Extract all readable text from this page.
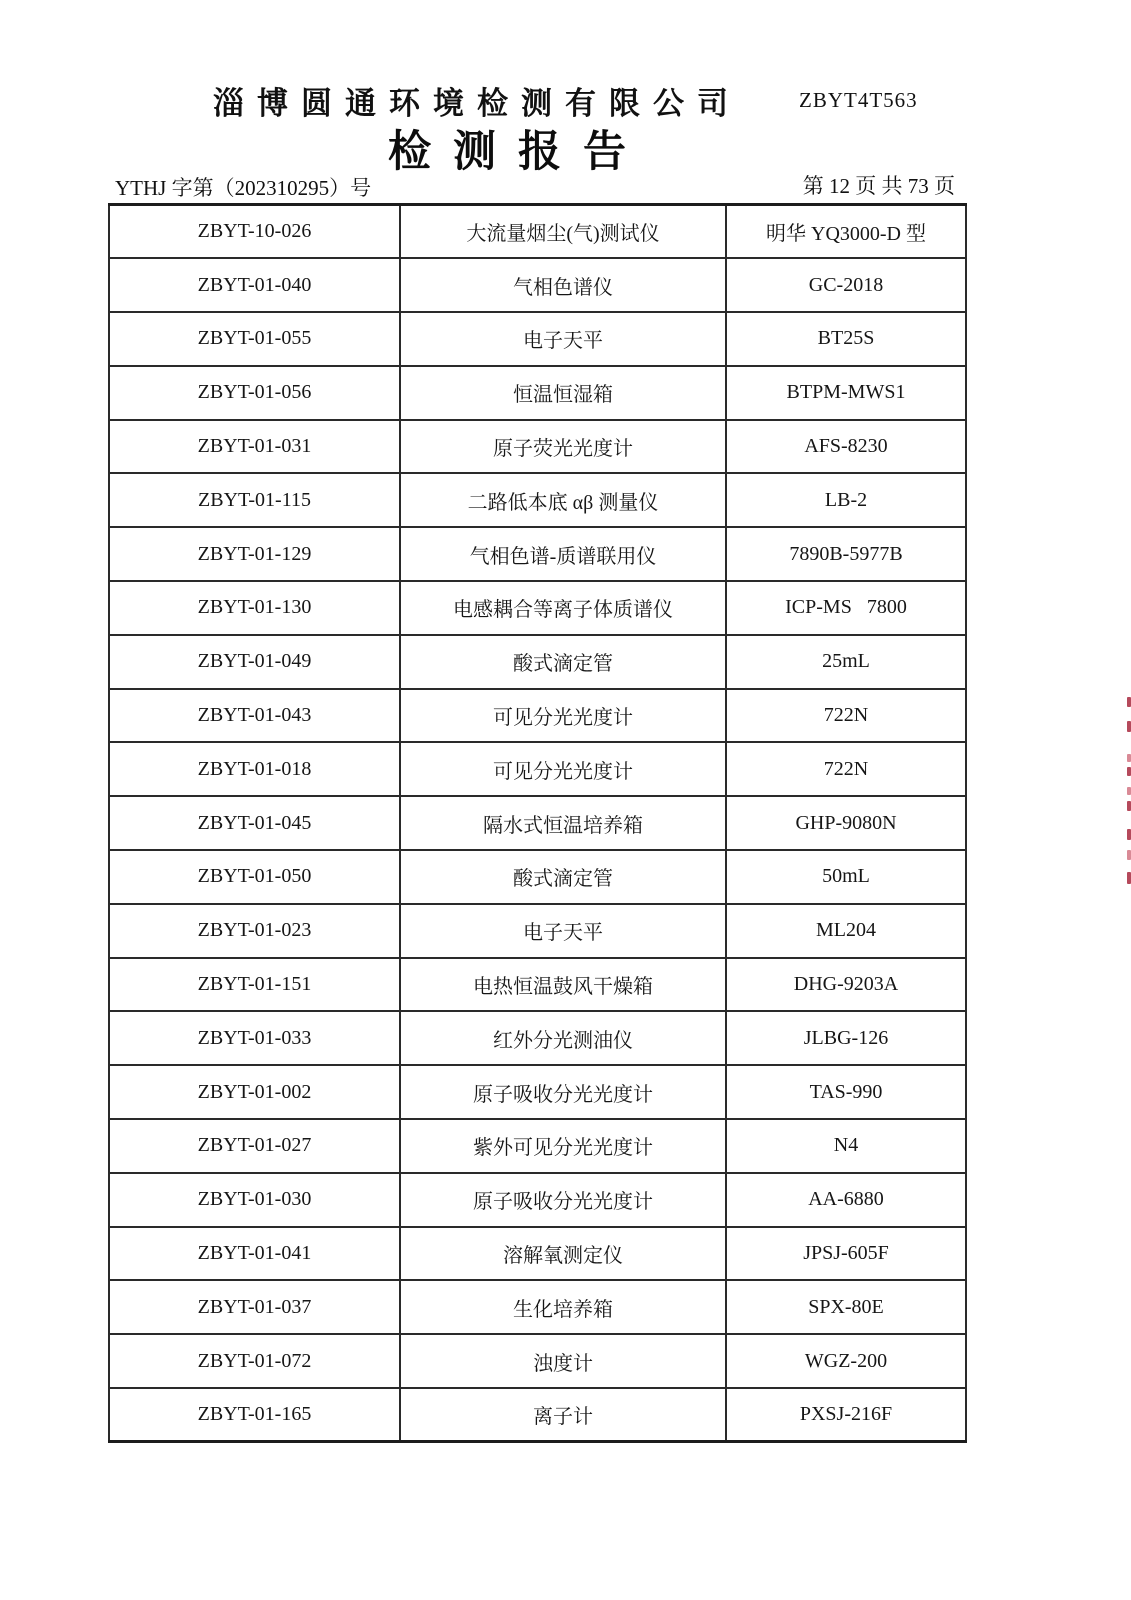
淄博圆通环境检测有限公司	ZBYT4T563
检测报告
YTHJ 字第（202310295）号	第 12 页 共 73 页
ZBYT-10-026	大流量烟尘(气)测试仪	明华 YQ3000-D 型
ZBYT-01-040	气相色谱仪	GC-2018
ZBYT-01-055	电子天平	BT25S
ZBYT-01-056	恒温恒湿箱	BTPM-MWS1
ZBYT-01-031	原子荧光光度计	AFS-8230
ZBYT-01-115	二路低本底 αβ 测量仪	LB-2
ZBYT-01-129	气相色谱-质谱联用仪	7890B-5977B
ZBYT-01-130	电感耦合等离子体质谱仪	ICP-MS   7800
ZBYT-01-049	酸式滴定管	25mL
ZBYT-01-043	可见分光光度计	722N
ZBYT-01-018	可见分光光度计	722N
ZBYT-01-045	隔水式恒温培养箱	GHP-9080N
ZBYT-01-050	酸式滴定管	50mL
ZBYT-01-023	电子天平	ML204
ZBYT-01-151	电热恒温鼓风干燥箱	DHG-9203A
ZBYT-01-033	红外分光测油仪	JLBG-126
ZBYT-01-002	原子吸收分光光度计	TAS-990
ZBYT-01-027	紫外可见分光光度计	N4
ZBYT-01-030	原子吸收分光光度计	AA-6880
ZBYT-01-041	溶解氧测定仪	JPSJ-605F
ZBYT-01-037	生化培养箱	SPX-80E
ZBYT-01-072	浊度计	WGZ-200
ZBYT-01-165	离子计	PXSJ-216F
